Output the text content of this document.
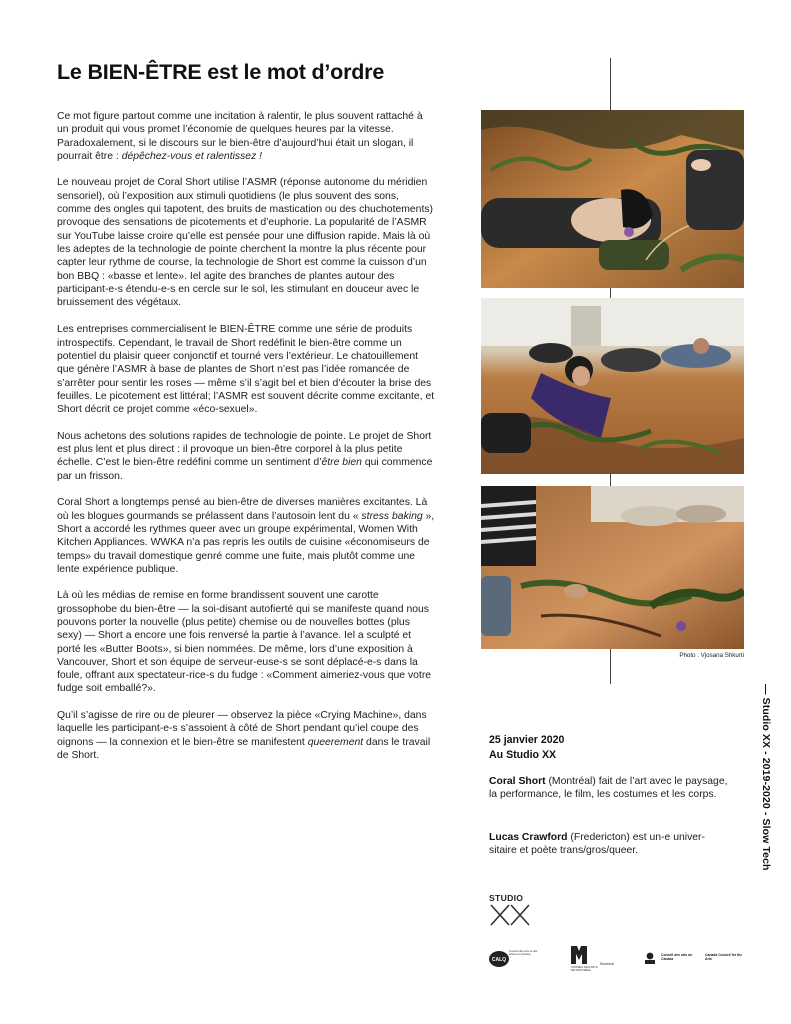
Le BIEN-ÊTRE est le mot d’ordre

Ce mot figure partout comme une incitation à ralentir, le plus souvent rattaché à un produit qui vous promet l’économie de quelques heures par la vitesse. Paradoxalement, si le discours sur le bien-être d’aujourd’hui était un slogan, il pourrait être : dépêchez-vous et ralentissez !

Le nouveau projet de Coral Short utilise l’ASMR (réponse autonome du méridien sensoriel), où l’exposition aux stimuli quotidiens (le plus souvent des sons, comme des ongles qui tapotent, des bruits de mastication ou des chuchotements) provoque des sensations de picotements et d’euphorie. La popularité de l’ASMR sur YouTube laisse croire qu’elle est pensée pour une diffusion rapide. Mais là où les adeptes de la technologie de pointe cherchent la montre la plus récente pour capter leur rythme de course, la technologie de Short est comme la cuisson d’un bon BBQ : «basse et lente». Iel agite des branches de plantes autour des participant-e-s étendu-e-s en cercle sur le sol, les stimulant en douceur avec le bruissement des végétaux.

Les entreprises commercialisent le BIEN-ÊTRE comme une série de produits introspectifs. Cependant, le travail de Short redéfinit le bien-être comme un potentiel du plaisir queer conjonctif et tourné vers l’extérieur. Le chatouillement que génère l’ASMR à base de plantes de Short n’est pas l’idée romancée de s’arrêter pour sentir les roses — même s’il s’agit bel et bien d’écouter la brise des feuilles. Le picotement est littéral; l’ASMR est souvent décrite comme excitante, et Short décrit ce projet comme «éco-sexuel».

Nous achetons des solutions rapides de technologie de pointe. Le projet de Short est plus lent et plus direct : il provoque un bien-être corporel à la plus petite échelle. C’est le bien-être redéfini comme un sentiment d’être bien qui commence par un frisson.

Coral Short a longtemps pensé au bien-être de diverses manières excitantes. Là où les blogues gourmands se prélassent dans l’autosoin lent du « stress baking », Short a accordé les rythmes queer avec un groupe expérimental, Women With Kitchen Appliances. WWKA n’a pas repris les outils de cuisine «économiseurs de temps» du travail domestique genré comme une fuite, mais plutôt comme une lente expérience publique.

Là où les médias de remise en forme brandissent souvent une carotte grossophobe du bien-être — la soi-disant autofierté qui se manifeste quand nous pouvons porter la nouvelle (plus petite) chemise ou de nouvelles bottes (plus sexy) — Short a encore une fois renversé la partie à l’avance. Iel a sculpté et porté les «Butter Boots», si bien nommées. De même, lors d’une exposition à Vancouver, Short et son équipe de serveur-euse-s se sont déplacé-e-s dans la foule, offrant aux spectateur-rice-s du fudge : «Comment aimeriez-vous que votre fudge soit emballé?».

Qu’il s’agisse de rire ou de pleurer — observez la pièce «Crying Machine», dans laquelle les participant-e-s s’assoient à côté de Short pendant qu’iel coupe des oignons — la connexion et le bien-être se manifestent queerement dans le travail de Short.

Photo : Vjosana Shkurti
— Studio XX - 2019-2020 - Slow Tech
25 janvier 2020
Au Studio XX
Coral Short (Montréal) fait de l’art avec le paysage, la performance, le film, les costumes et les corps.
Lucas Crawford (Fredericton) est un-e universitaire et poète trans/gros/queer.
STUDIO
CALQ
Conseil des arts et des lettres du Québec
CONSEIL DES ARTS DE MONTRÉAL
Montréal
Conseil des arts du Canada
Canada Council for the Arts
